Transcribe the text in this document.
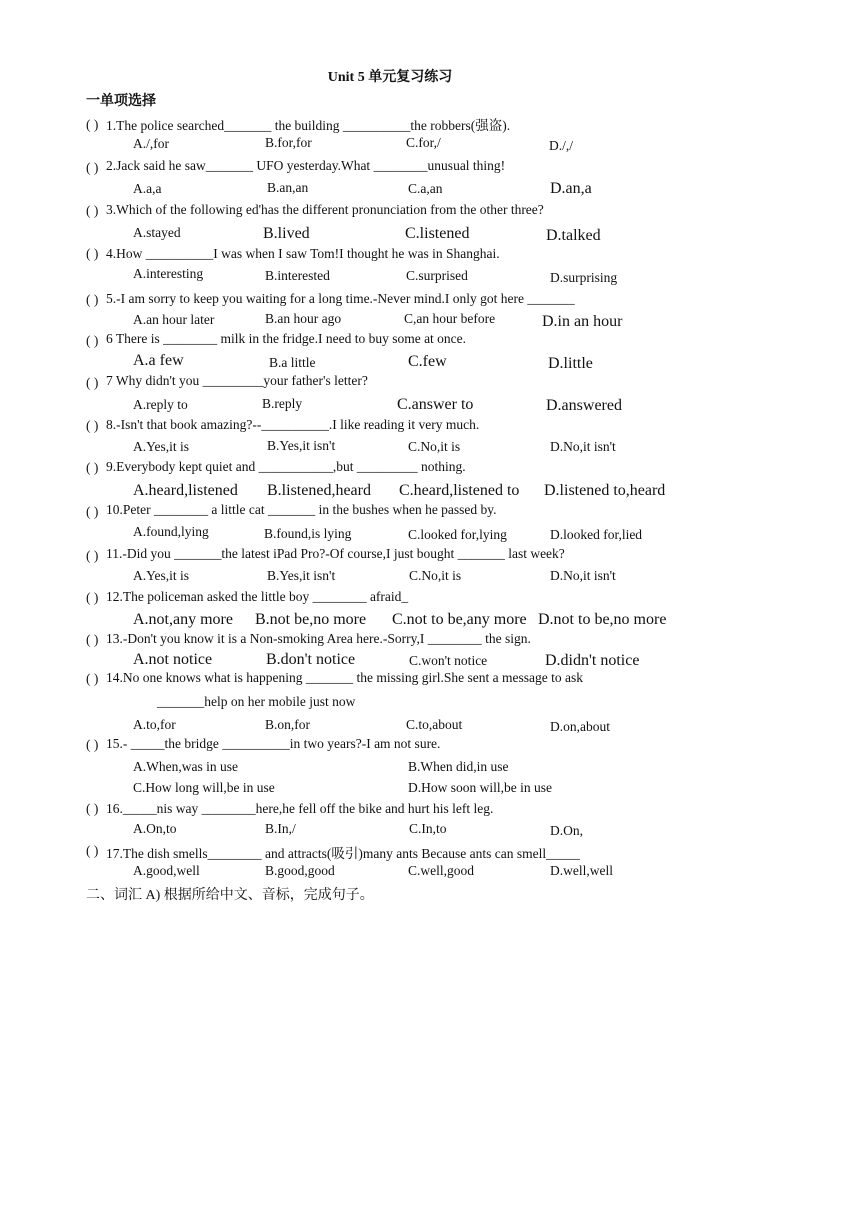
Unit 5 单元复习练习
一单项选择
( ) 1.The police searched_______ the building __________the robbers(强盗).
A./,for	B.for,for	C.for,/	D./,/
( ) 2.Jack said he saw_______ UFO yesterday.What ________unusual thing!
A.a,a	B.an,an	C.a,an	D.an,a
( ) 3.Which of the following ed'has the different pronunciation from the other three?
A.stayed	B.lived	C.listened	D.talked
( ) 4.How __________I was when I saw Tom!I thought he was in Shanghai.
A.interesting	B.interested	C.surprised	D.surprising
( ) 5.-I am sorry to keep you waiting for a long time.-Never mind.I only got here _______
A.an hour later	B.an hour ago	C,an hour before	D.in an hour
( ) 6 There is ________ milk in the fridge.I need to buy some at once.
A.a few	B.a little	C.few	D.little
( ) 7 Why didn't you _________your father's letter?
A.reply to	B.reply	C.answer to	D.answered
( ) 8.-Isn't that book amazing?--__________.I like reading it very much.
A.Yes,it is	B.Yes,it isn't	C.No,it is	D.No,it isn't
( ) 9.Everybody kept quiet and ___________,but _________ nothing.
A.heard,listened B.listened,heard C.heard,listened to D.listened to,heard
( ) 10.Peter ________ a little cat _______ in the bushes when he passed by.
A.found,lying	B.found,is lying	C.looked for,lying	D.looked for,lied
( ) 11.-Did you _______the latest iPad Pro?-Of course,I just bought _______ last week?
A.Yes,it is	B.Yes,it isn't	C.No,it is	D.No,it isn't
( ) 12.The policeman asked the little boy ________ afraid_
A.not,any more B.not be,no more C.not to be,any more D.not to be,no more
( ) 13.-Don't you know it is a Non-smoking Area here.-Sorry,I ________ the sign.
A.not notice	B.don't notice	C.won't notice	D.didn't notice
( ) 14.No one knows what is happening _______ the missing girl.She sent a message to ask
_______help on her mobile just now
A.to,for	B.on,for	C.to,about	D.on,about
( ) 15.- _____the bridge __________in two years?-I am not sure.
A.When,was in use	B.When did,in use
C.How long will,be in use	D.How soon will,be in use
( ) 16._____nis way ________here,he fell off the bike and hurt his left leg.
A.On,to	B.In,/	C.In,to	D.On,
( ) 17.The dish smells________ and attracts(吸引)many ants Because ants can smell_____
A.good,well	B.good,good	C.well,good	D.well,well
二、词汇 A) 根据所给中文、音标，完成句子。
